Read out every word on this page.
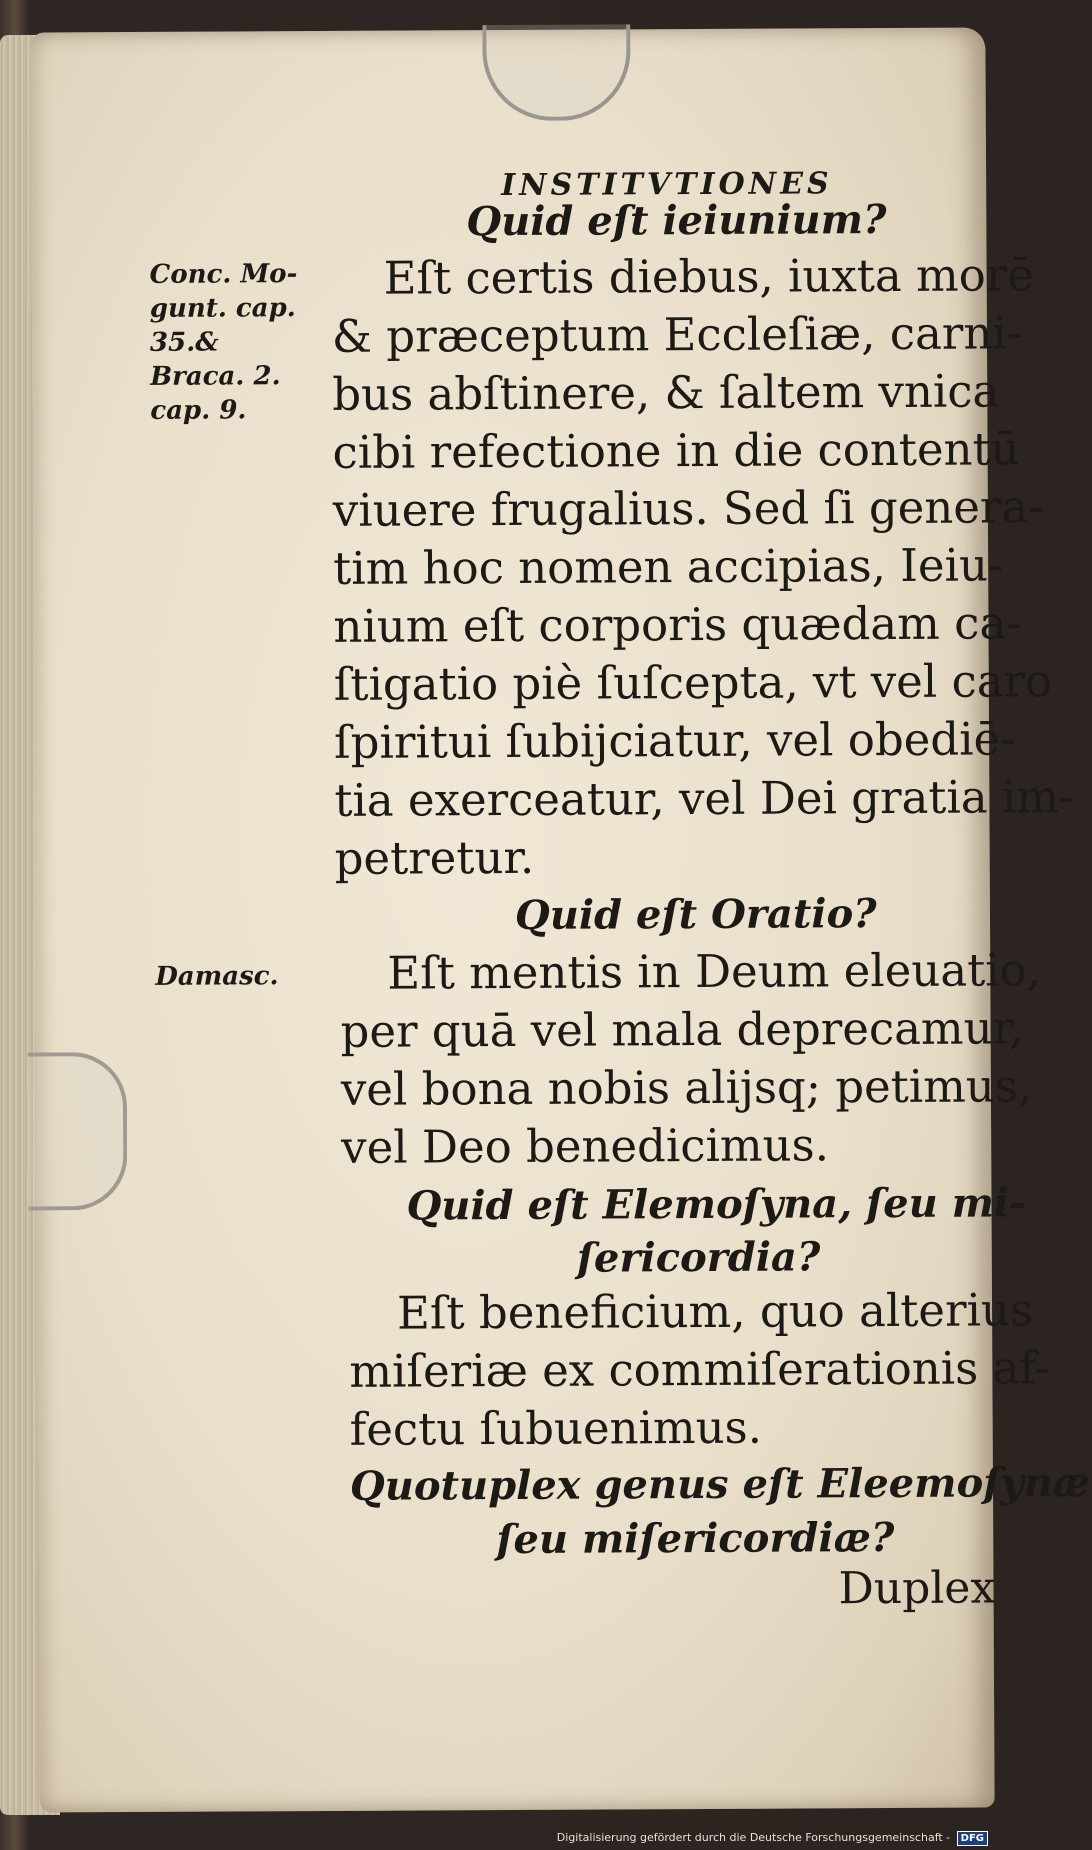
INSTITVTIONES
Quid eſt ieiunium?
Conc. Mo-
gunt. cap.
35.&
Braca. 2.
cap. 9.
Eſt certis diebus, iuxta morē
& præceptum Eccleſiæ, carni-
bus abſtinere, & ſaltem vnica
cibi refectione in die contentū
viuere frugalius. Sed ſi genera-
tim hoc nomen accipias, Ieiu-
nium eſt corporis quædam ca-
ſtigatio piè ſuſcepta, vt vel caro
ſpiritui ſubijciatur, vel obediē-
tia exerceatur, vel Dei gratia im-
petretur.
Quid eſt Oratio?
Damasc. Eſt mentis in Deum eleuatio,
per quā vel mala deprecamur,
vel bona nobis alijsq; petimus,
vel Deo benedicimus.
Quid eſt Elemoſyna, ſeu mi-
ſericordia?
Eſt beneficium, quo alterius
miſeriæ ex commiſerationis af-
fectu ſubuenimus.
Quotuplex genus eſt Eleemoſynæ
ſeu miſericordiæ?
Duplex
Digitalisierung gefördert durch die Deutsche Forschungsgemeinschaft - DFG
